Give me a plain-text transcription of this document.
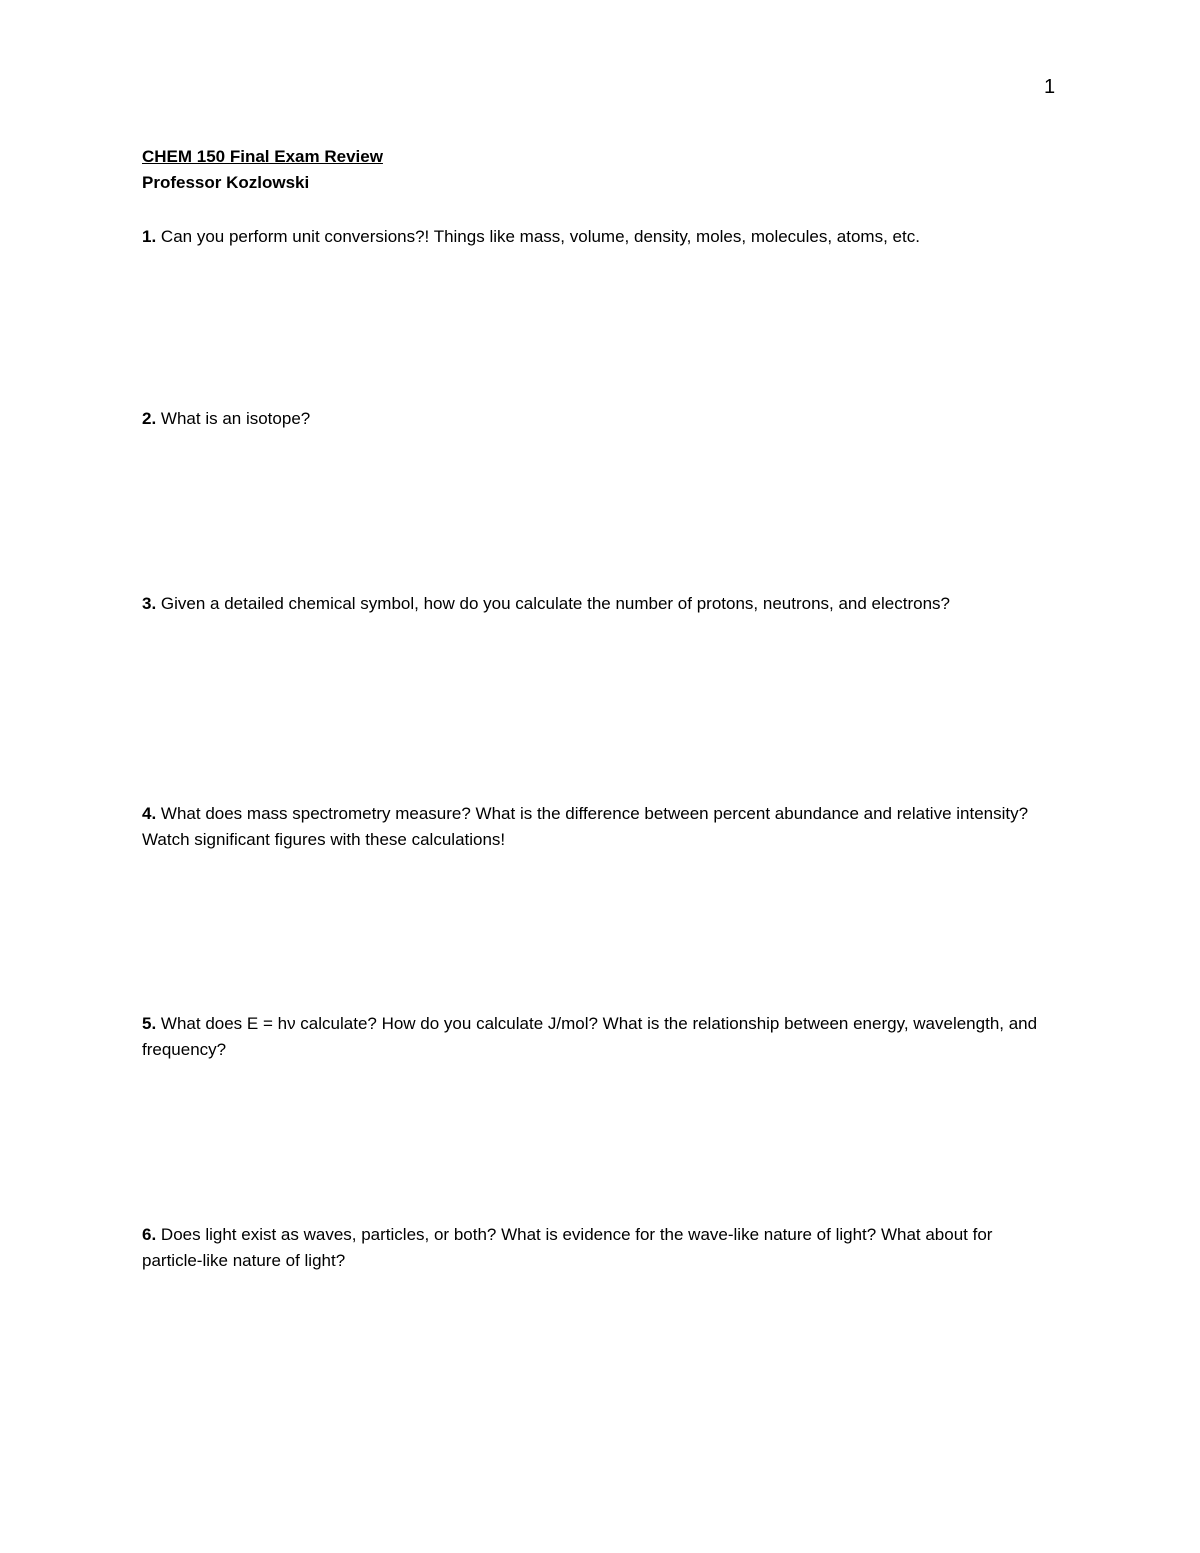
1
CHEM 150 Final Exam Review
Professor Kozlowski

1. Can you perform unit conversions?! Things like mass, volume, density, moles, molecules, atoms, etc.

2. What is an isotope?

3. Given a detailed chemical symbol, how do you calculate the number of protons, neutrons, and electrons?

4. What does mass spectrometry measure? What is the difference between percent abundance and relative intensity? Watch significant figures with these calculations!

5. What does E = hν calculate? How do you calculate J/mol? What is the relationship between energy, wavelength, and frequency?

6. Does light exist as waves, particles, or both? What is evidence for the wave-like nature of light? What about for particle-like nature of light?
